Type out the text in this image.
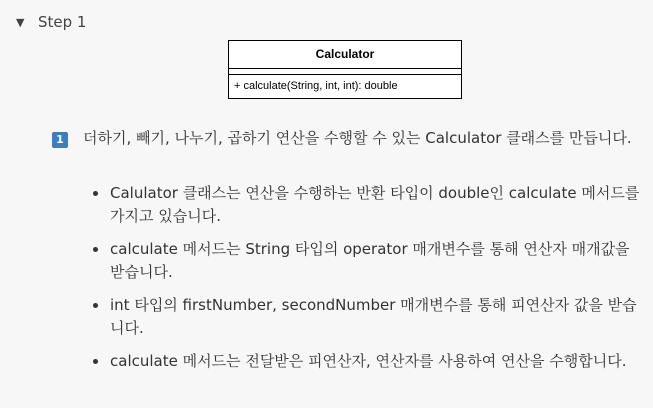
▼ Step 1
Calculator
+ calculate(String, int, int): double
1 더하기, 빼기, 나누기, 곱하기 연산을 수행할 수 있는 Calculator 클래스를 만듭니다.
Calulator 클래스는 연산을 수행하는 반환 타입이 double인 calculate 메서드를 가지고 있습니다.
calculate 메서드는 String 타입의 operator 매개변수를 통해 연산자 매개값을 받습니다.
int 타입의 firstNumber, secondNumber 매개변수를 통해 피연산자 값을 받습니다.
calculate 메서드는 전달받은 피연산자, 연산자를 사용하여 연산을 수행합니다.
